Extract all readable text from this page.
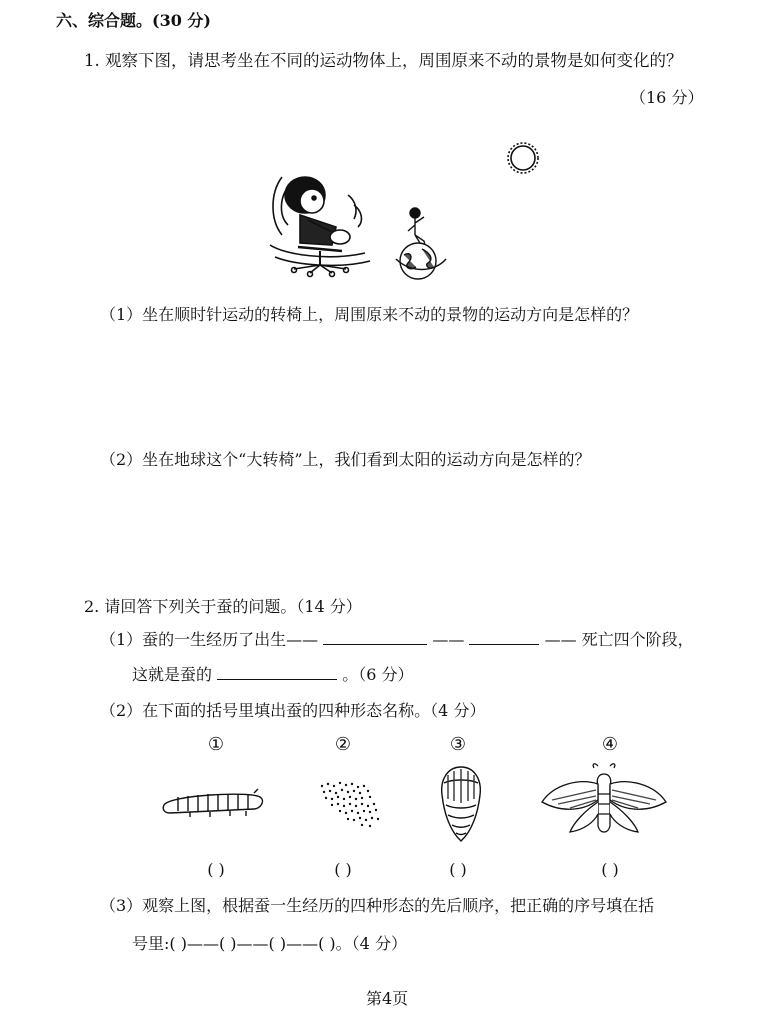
六、综合题。(30 分)
1. 观察下图，请思考坐在不同的运动物体上，周围原来不动的景物是如何变化的？
（16 分）
（1）坐在顺时针运动的转椅上，周围原来不动的景物的运动方向是怎样的？
（2）坐在地球这个“大转椅”上，我们看到太阳的运动方向是怎样的？
2. 请回答下列关于蚕的问题。（14 分）
（1）蚕的一生经历了出生——	——	—— 死亡四个阶段，
这就是蚕的	。（6 分）
（2）在下面的括号里填出蚕的四种形态名称。（4 分）
①	②	③	④
( )	( )	( )	( )
（3）观察上图，根据蚕一生经历的四种形态的先后顺序，把正确的序号填在括
号里:( )——( )——( )——( )。（4 分）
第4页
